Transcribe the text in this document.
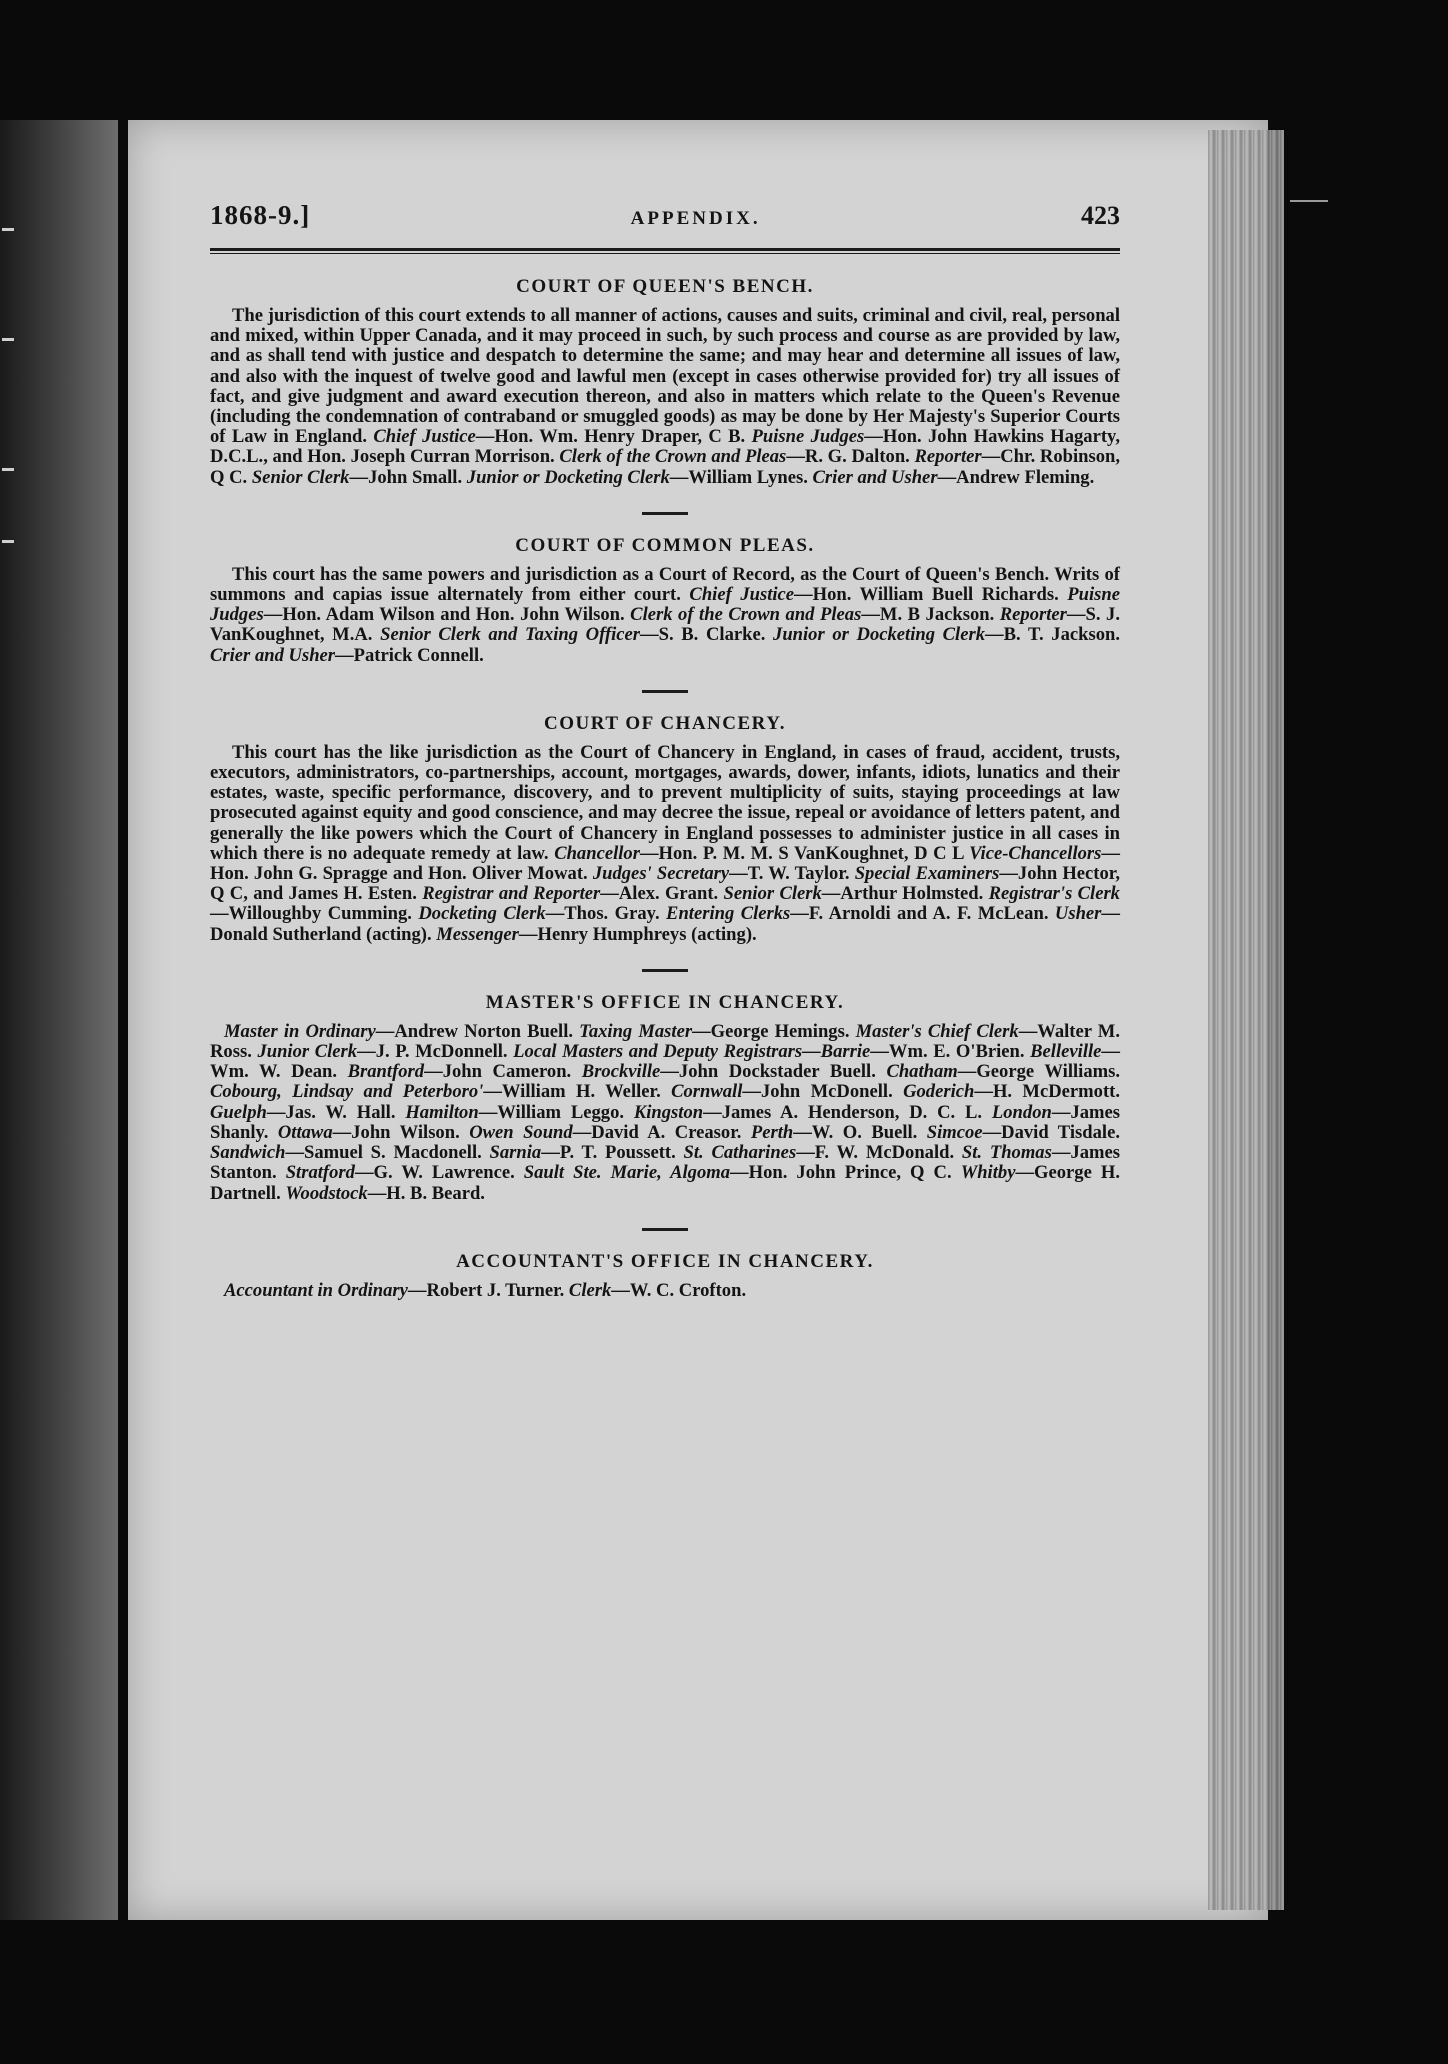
1868-9.]	APPENDIX.	423
COURT OF QUEEN'S BENCH.

The jurisdiction of this court extends to all manner of actions, causes and suits, criminal and civil, real, personal and mixed, within Upper Canada, and it may proceed in such, by such process and course as are provided by law, and as shall tend with justice and despatch to determine the same; and may hear and determine all issues of law, and also with the inquest of twelve good and lawful men (except in cases otherwise provided for) try all issues of fact, and give judgment and award execution thereon, and also in matters which relate to the Queen's Revenue (including the condemnation of contraband or smuggled goods) as may be done by Her Majesty's Superior Courts of Law in England. Chief Justice—Hon. Wm. Henry Draper, C B. Puisne Judges—Hon. John Hawkins Hagarty, D.C.L., and Hon. Joseph Curran Morrison. Clerk of the Crown and Pleas—R. G. Dalton. Reporter—Chr. Robinson, Q C. Senior Clerk—John Small. Junior or Docketing Clerk—William Lynes. Crier and Usher—Andrew Fleming.

COURT OF COMMON PLEAS.

This court has the same powers and jurisdiction as a Court of Record, as the Court of Queen's Bench. Writs of summons and capias issue alternately from either court. Chief Justice—Hon. William Buell Richards. Puisne Judges—Hon. Adam Wilson and Hon. John Wilson. Clerk of the Crown and Pleas—M. B Jackson. Reporter—S. J. VanKoughnet, M.A. Senior Clerk and Taxing Officer—S. B. Clarke. Junior or Docketing Clerk—B. T. Jackson. Crier and Usher—Patrick Connell.

COURT OF CHANCERY.

This court has the like jurisdiction as the Court of Chancery in England, in cases of fraud, accident, trusts, executors, administrators, co-partnerships, account, mortgages, awards, dower, infants, idiots, lunatics and their estates, waste, specific performance, discovery, and to prevent multiplicity of suits, staying proceedings at law prosecuted against equity and good conscience, and may decree the issue, repeal or avoidance of letters patent, and generally the like powers which the Court of Chancery in England possesses to administer justice in all cases in which there is no adequate remedy at law. Chancellor—Hon. P. M. M. S VanKoughnet, D C L Vice-Chancellors—Hon. John G. Spragge and Hon. Oliver Mowat. Judges' Secretary—T. W. Taylor. Special Examiners—John Hector, Q C, and James H. Esten. Registrar and Reporter—Alex. Grant. Senior Clerk—Arthur Holmsted. Registrar's Clerk—Willoughby Cumming. Docketing Clerk—Thos. Gray. Entering Clerks—F. Arnoldi and A. F. McLean. Usher—Donald Sutherland (acting). Messenger—Henry Humphreys (acting).

MASTER'S OFFICE IN CHANCERY.

Master in Ordinary—Andrew Norton Buell. Taxing Master—George Hemings. Master's Chief Clerk—Walter M. Ross. Junior Clerk—J. P. McDonnell. Local Masters and Deputy Registrars—Barrie—Wm. E. O'Brien. Belleville—Wm. W. Dean. Brantford—John Cameron. Brockville—John Dockstader Buell. Chatham—George Williams. Cobourg, Lindsay and Peterboro'—William H. Weller. Cornwall—John McDonell. Goderich—H. McDermott. Guelph—Jas. W. Hall. Hamilton—William Leggo. Kingston—James A. Henderson, D. C. L. London—James Shanly. Ottawa—John Wilson. Owen Sound—David A. Creasor. Perth—W. O. Buell. Simcoe—David Tisdale. Sandwich—Samuel S. Macdonell. Sarnia—P. T. Poussett. St. Catharines—F. W. McDonald. St. Thomas—James Stanton. Stratford—G. W. Lawrence. Sault Ste. Marie, Algoma—Hon. John Prince, Q C. Whitby—George H. Dartnell. Woodstock—H. B. Beard.

ACCOUNTANT'S OFFICE IN CHANCERY.

Accountant in Ordinary—Robert J. Turner. Clerk—W. C. Crofton.
